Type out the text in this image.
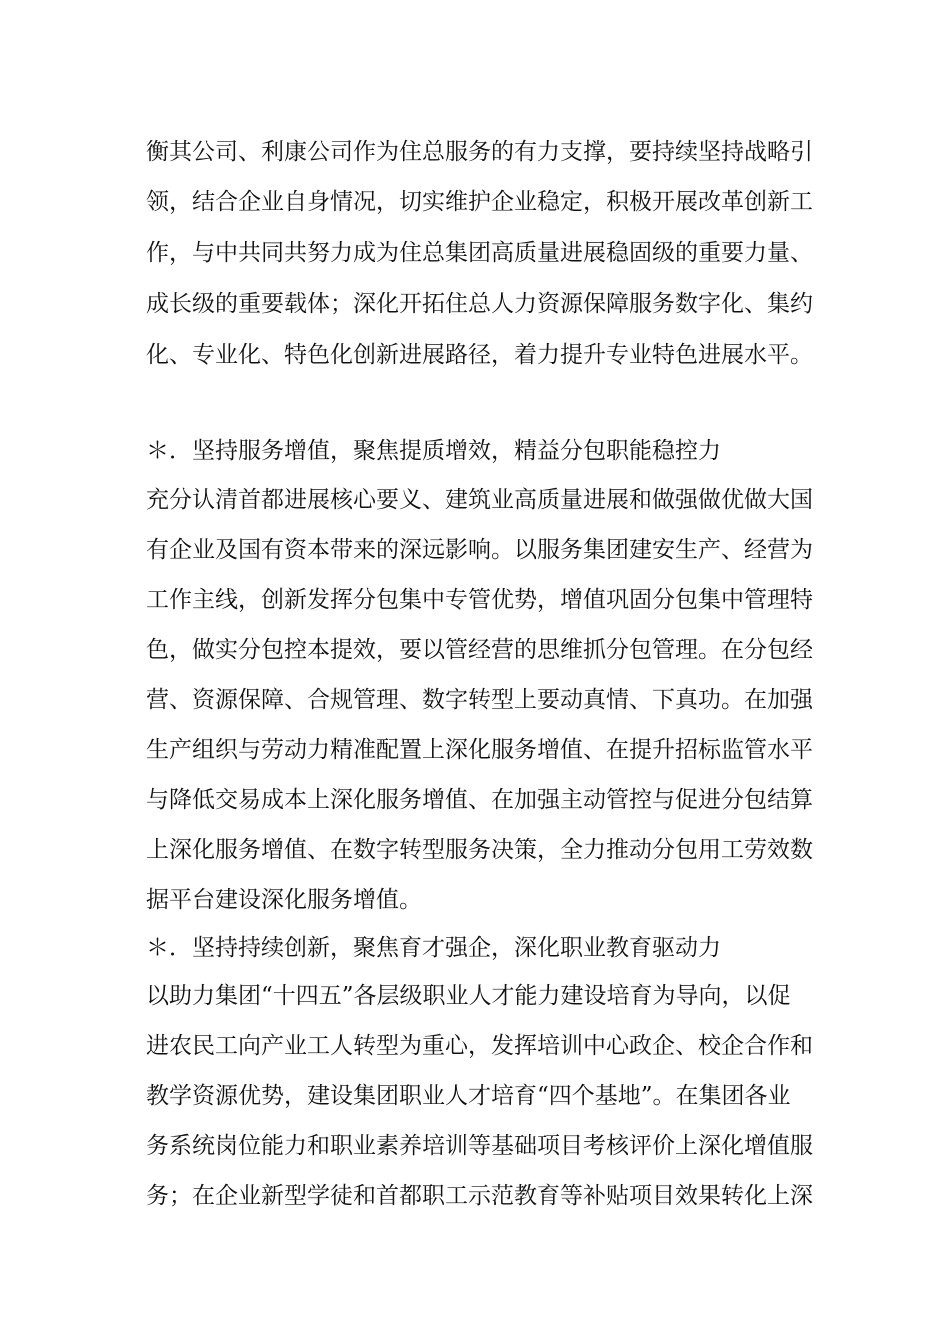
衡其公司、利康公司作为住总服务的有力支撑，要持续坚持战略引
领，结合企业自身情况，切实维护企业稳定，积极开展改革创新工
作，与中共同共努力成为住总集团高质量进展稳固级的重要力量、
成长级的重要载体；深化开拓住总人力资源保障服务数字化、集约
化、专业化、特色化创新进展路径，着力提升专业特色进展水平。
＊．坚持服务增值，聚焦提质增效，精益分包职能稳控力
充分认清首都进展核心要义、建筑业高质量进展和做强做优做大国
有企业及国有资本带来的深远影响。以服务集团建安生产、经营为
工作主线，创新发挥分包集中专管优势，增值巩固分包集中管理特
色，做实分包控本提效，要以管经营的思维抓分包管理。在分包经
营、资源保障、合规管理、数字转型上要动真情、下真功。在加强
生产组织与劳动力精准配置上深化服务增值、在提升招标监管水平
与降低交易成本上深化服务增值、在加强主动管控与促进分包结算
上深化服务增值、在数字转型服务决策，全力推动分包用工劳效数
据平台建设深化服务增值。
＊．坚持持续创新，聚焦育才强企，深化职业教育驱动力
以助力集团“十四五”各层级职业人才能力建设培育为导向，以促
进农民工向产业工人转型为重心，发挥培训中心政企、校企合作和
教学资源优势，建设集团职业人才培育“四个基地”。在集团各业
务系统岗位能力和职业素养培训等基础项目考核评价上深化增值服
务；在企业新型学徒和首都职工示范教育等补贴项目效果转化上深
